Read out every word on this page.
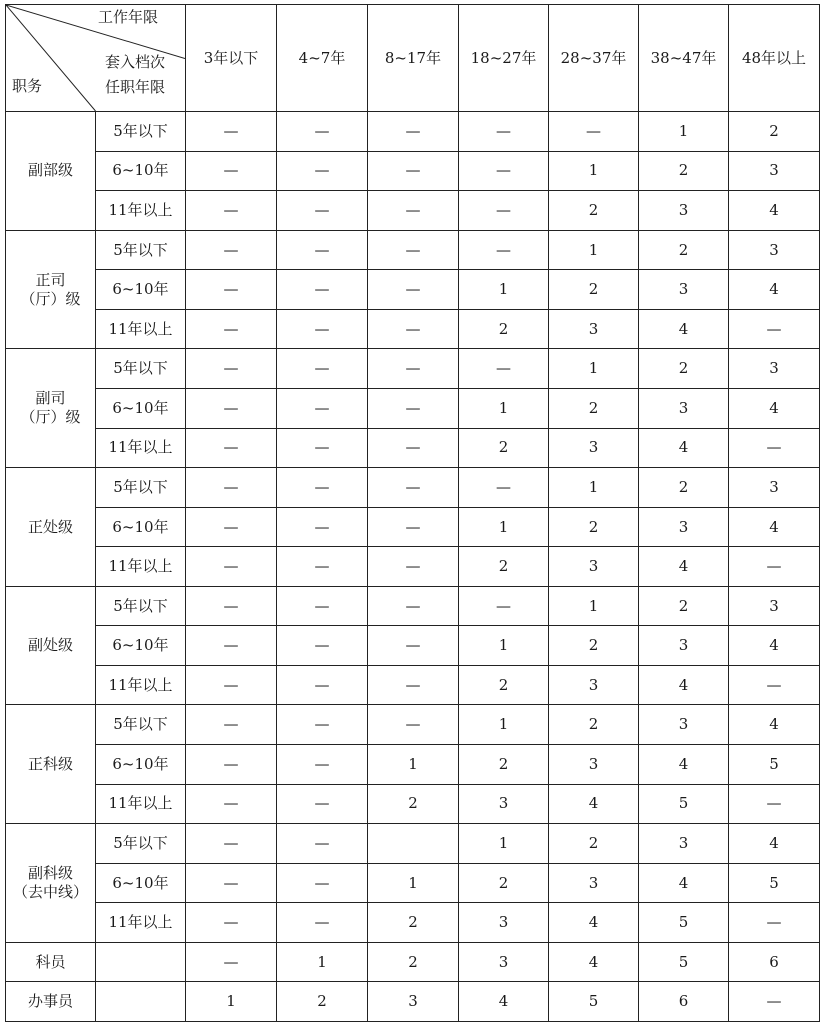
工作年限
套入档次
任职年限
职务		3年以下	4~7年	8~17年	18~27年	28~37年	38~47年	48年以上

副部级	5年以下	—	—	—	—	—	1	2
	6~10年	—	—	—	—	1	2	3
	11年以上	—	—	—	—	2	3	4

正司
（厅）级	5年以下	—	—	—	—	1	2	3
	6~10年	—	—	—	1	2	3	4
	11年以上	—	—	—	2	3	4	—

副司
（厅）级	5年以下	—	—	—	—	1	2	3
	6~10年	—	—	—	1	2	3	4
	11年以上	—	—	—	2	3	4	—

正处级	5年以下	—	—	—	—	1	2	3
	6~10年	—	—	—	1	2	3	4
	11年以上	—	—	—	2	3	4	—

副处级	5年以下	—	—	—	—	1	2	3
	6~10年	—	—	—	1	2	3	4
	11年以上	—	—	—	2	3	4	—

正科级	5年以下	—	—	—	1	2	3	4
	6~10年	—	—	1	2	3	4	5
	11年以上	—	—	2	3	4	5	—

副科级
（去中线）	5年以下	—	—		1	2	3	4
	6~10年	—	—	1	2	3	4	5
	11年以上	—	—	2	3	4	5	—

科员		—	1	2	3	4	5	6

办事员		1	2	3	4	5	6	—
